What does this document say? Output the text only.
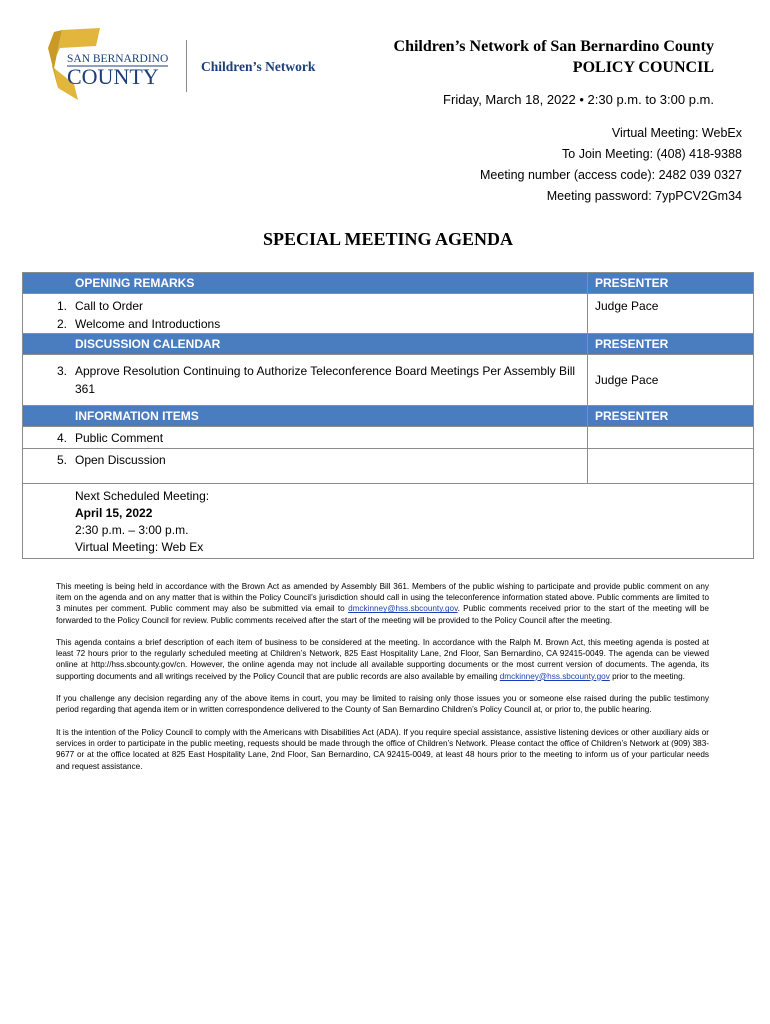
SAN BERNARDINO
COUNTY	Children’s Network
Children’s Network of San Bernardino County
POLICY COUNCIL
Friday, March 18, 2022 • 2:30 p.m. to 3:00 p.m.
Virtual Meeting: WebEx
To Join Meeting: (408) 418-9388
Meeting number (access code): 2482 039 0327
Meeting password: 7ypPCV2Gm34
SPECIAL MEETING AGENDA
OPENING REMARKS	PRESENTER

1. Call to Order
2. Welcome and Introductions	Judge Pace

DISCUSSION CALENDAR	PRESENTER

3. Approve Resolution Continuing to Authorize Teleconference Board Meetings Per Assembly Bill 361	Judge Pace

INFORMATION ITEMS	PRESENTER

4. Public Comment	

5. Open Discussion	

Next Scheduled Meeting:
April 15, 2022
2:30 p.m. – 3:00 p.m.
Virtual Meeting: Web Ex	

This meeting is being held in accordance with the Brown Act as amended by Assembly Bill 361. Members of the public wishing to participate and provide public comment on any item on the agenda and on any matter that is within the Policy Council’s jurisdiction should call in using the teleconference information stated above. Public comments are limited to 3 minutes per comment. Public comment may also be submitted via email to dmckinney@hss.sbcounty.gov. Public comments received prior to the start of the meeting will be forwarded to the Policy Council for review. Public comments received after the start of the meeting will be provided to the Policy Council after the meeting.

This agenda contains a brief description of each item of business to be considered at the meeting. In accordance with the Ralph M. Brown Act, this meeting agenda is posted at least 72 hours prior to the regularly scheduled meeting at Children’s Network, 825 East Hospitality Lane, 2nd Floor, San Bernardino, CA 92415-0049. The agenda can be viewed online at http://hss.sbcounty.gov/cn. However, the online agenda may not include all available supporting documents or the most current version of documents. The agenda, its supporting documents and all writings received by the Policy Council that are public records are also available by emailing dmckinney@hss.sbcounty.gov prior to the meeting.

If you challenge any decision regarding any of the above items in court, you may be limited to raising only those issues you or someone else raised during the public testimony period regarding that agenda item or in written correspondence delivered to the County of San Bernardino Children’s Policy Council at, or prior to, the public hearing.

It is the intention of the Policy Council to comply with the Americans with Disabilities Act (ADA). If you require special assistance, assistive listening devices or other auxiliary aids or services in order to participate in the public meeting, requests should be made through the office of Children’s Network. Please contact the office of Children’s Network at (909) 383-9677 or at the office located at 825 East Hospitality Lane, 2nd Floor, San Bernardino, CA 92415-0049, at least 48 hours prior to the meeting to inform us of your particular needs and request assistance.
